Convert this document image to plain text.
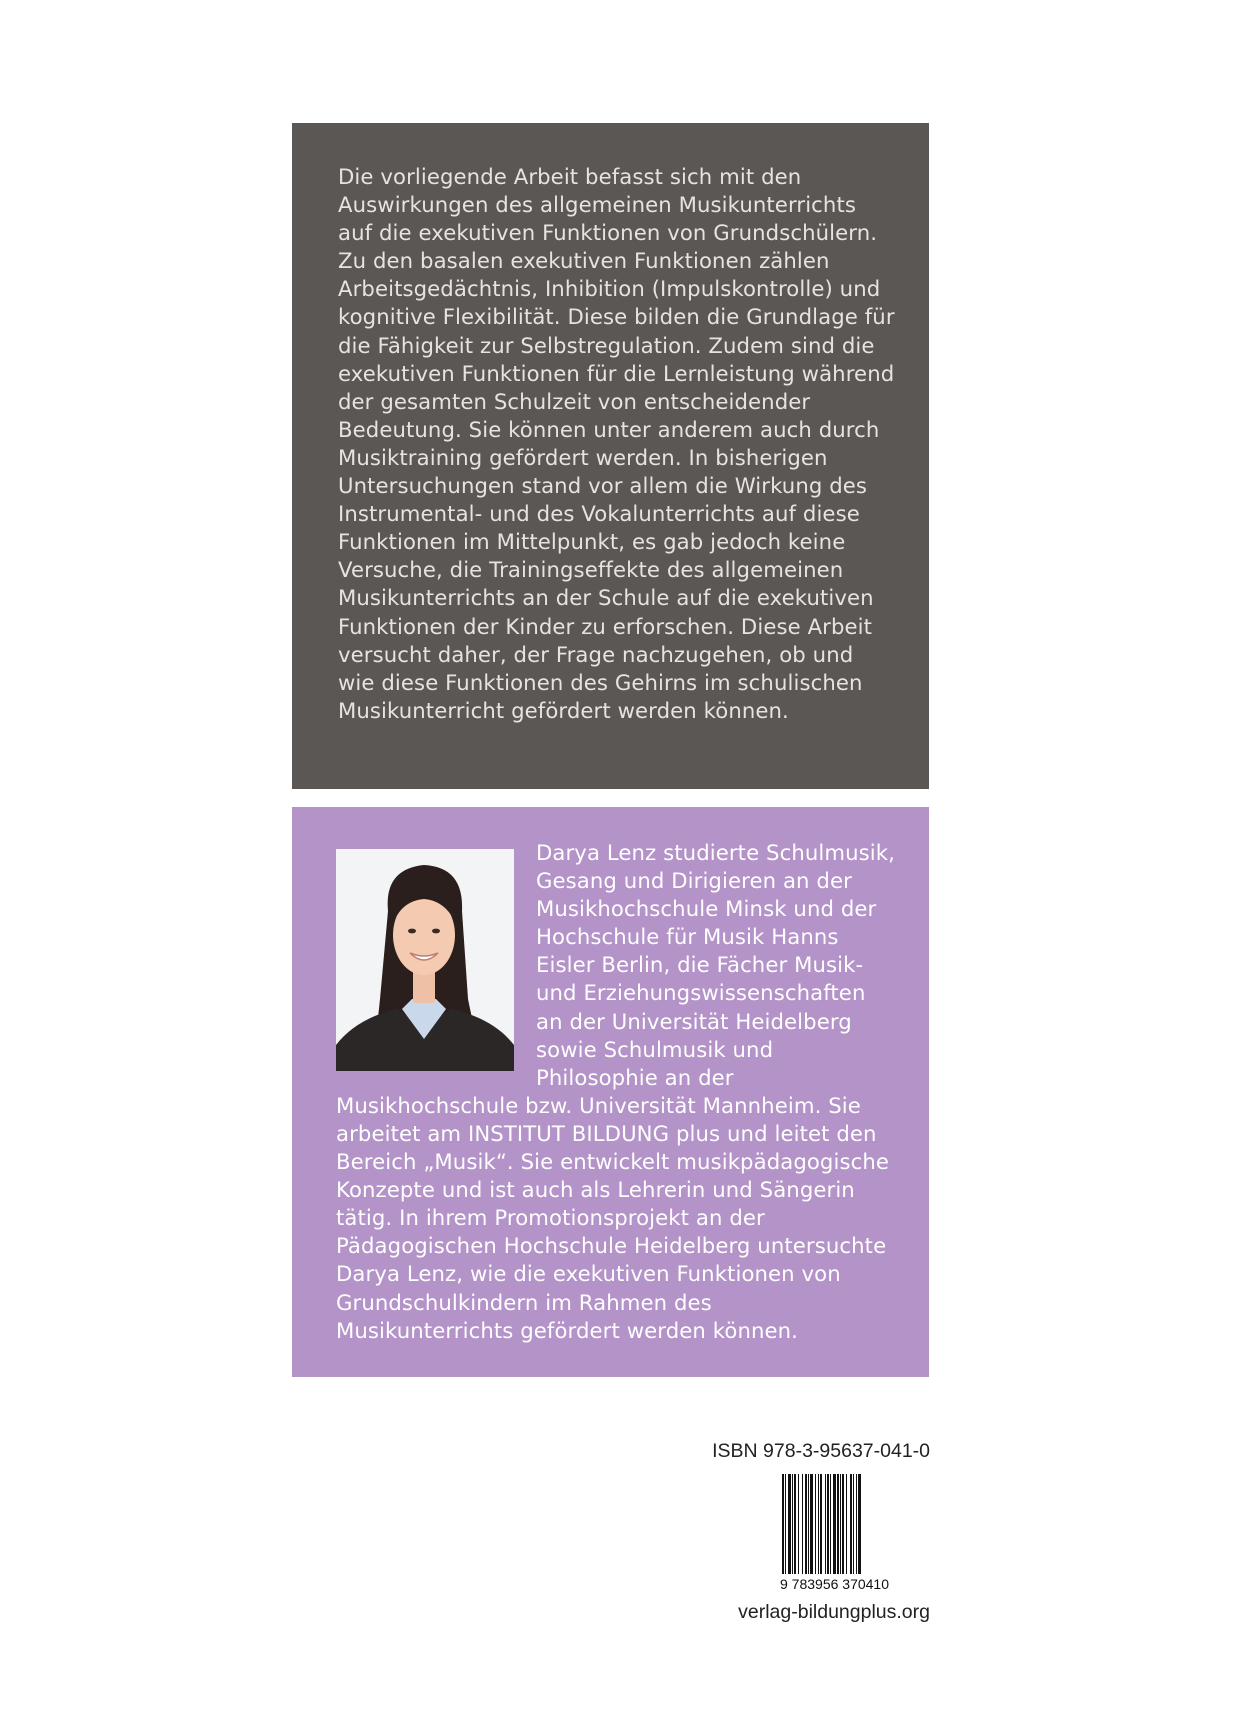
Die vorliegende Arbeit befasst sich mit den Auswirkungen des allgemeinen Musikunterrichts auf die exekutiven Funktionen von Grundschülern. Zu den basalen exekutiven Funktionen zählen Arbeitsgedächtnis, Inhibition (Impulskontrolle) und kognitive Flexibilität. Diese bilden die Grundlage für die Fähigkeit zur Selbstregulation. Zudem sind die exekutiven Funktionen für die Lernleistung während der gesamten Schulzeit von entscheidender Bedeutung. Sie können unter anderem auch durch Musiktraining gefördert werden. In bisherigen Untersuchungen stand vor allem die Wirkung des Instrumental- und des Vokalunterrichts auf diese Funktionen im Mittelpunkt, es gab jedoch keine Versuche, die Trainingseffekte des allgemeinen Musikunterrichts an der Schule auf die exekutiven Funktionen der Kinder zu erforschen. Diese Arbeit versucht daher, der Frage nachzugehen, ob und wie diese Funktionen des Gehirns im schulischen Musikunterricht gefördert werden können.

Darya Lenz studierte Schulmusik, Gesang und Dirigieren an der Musikhochschule Minsk und der Hochschule für Musik Hanns Eisler Berlin, die Fächer Musik- und Erziehungswissenschaften an der Universität Heidelberg sowie Schulmusik und Philosophie an der Musikhochschule bzw. Universität Mannheim. Sie arbeitet am INSTITUT BILDUNG plus und leitet den Bereich „Musik“. Sie entwickelt musikpädagogische Konzepte und ist auch als Lehrerin und Sängerin tätig. In ihrem Promotionsprojekt an der Pädagogischen Hochschule Heidelberg untersuchte Darya Lenz, wie die exekutiven Funktionen von Grundschulkindern im Rahmen des Musikunterrichts gefördert werden können.

ISBN 978-3-95637-041-0
9 783956 370410
verlag-bildungplus.org
